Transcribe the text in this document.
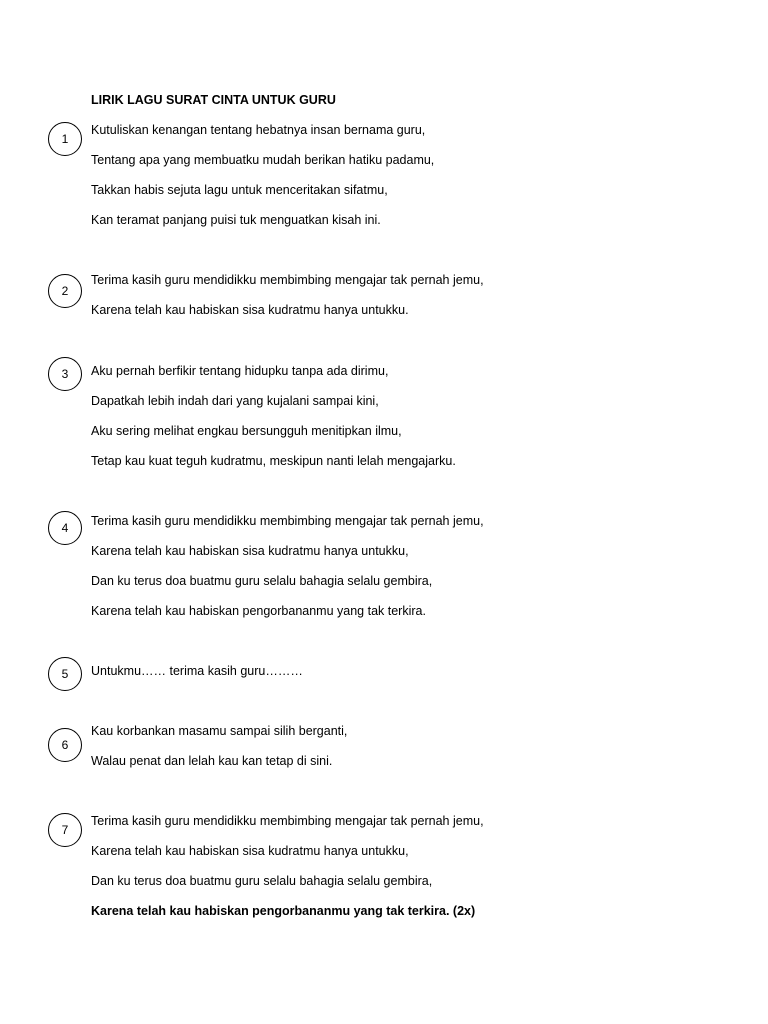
LIRIK LAGU SURAT CINTA UNTUK GURU
1
Kutuliskan kenangan tentang hebatnya insan bernama guru,
Tentang apa yang membuatku mudah berikan hatiku padamu,
Takkan habis sejuta lagu untuk menceritakan sifatmu,
Kan teramat panjang puisi tuk menguatkan kisah ini.
2
Terima kasih guru mendidikku membimbing mengajar tak pernah jemu,
Karena telah kau habiskan sisa kudratmu hanya untukku.
3	Aku pernah berfikir tentang hidupku tanpa ada dirimu,
Dapatkah lebih indah dari yang kujalani sampai kini,
Aku sering melihat engkau bersungguh menitipkan ilmu,
Tetap kau kuat teguh kudratmu, meskipun nanti lelah mengajarku.
4	Terima kasih guru mendidikku membimbing mengajar tak pernah jemu,
Karena telah kau habiskan sisa kudratmu hanya untukku,
Dan ku terus doa buatmu guru selalu bahagia selalu gembira,
Karena telah kau habiskan pengorbananmu yang tak terkira.
5	Untukmu…… terima kasih guru………
6
Kau korbankan masamu sampai silih berganti,
Walau penat dan lelah kau kan tetap di sini.
7
Terima kasih guru mendidikku membimbing mengajar tak pernah jemu,
Karena telah kau habiskan sisa kudratmu hanya untukku,
Dan ku terus doa buatmu guru selalu bahagia selalu gembira,
Karena telah kau habiskan pengorbananmu yang tak terkira. (2x)
